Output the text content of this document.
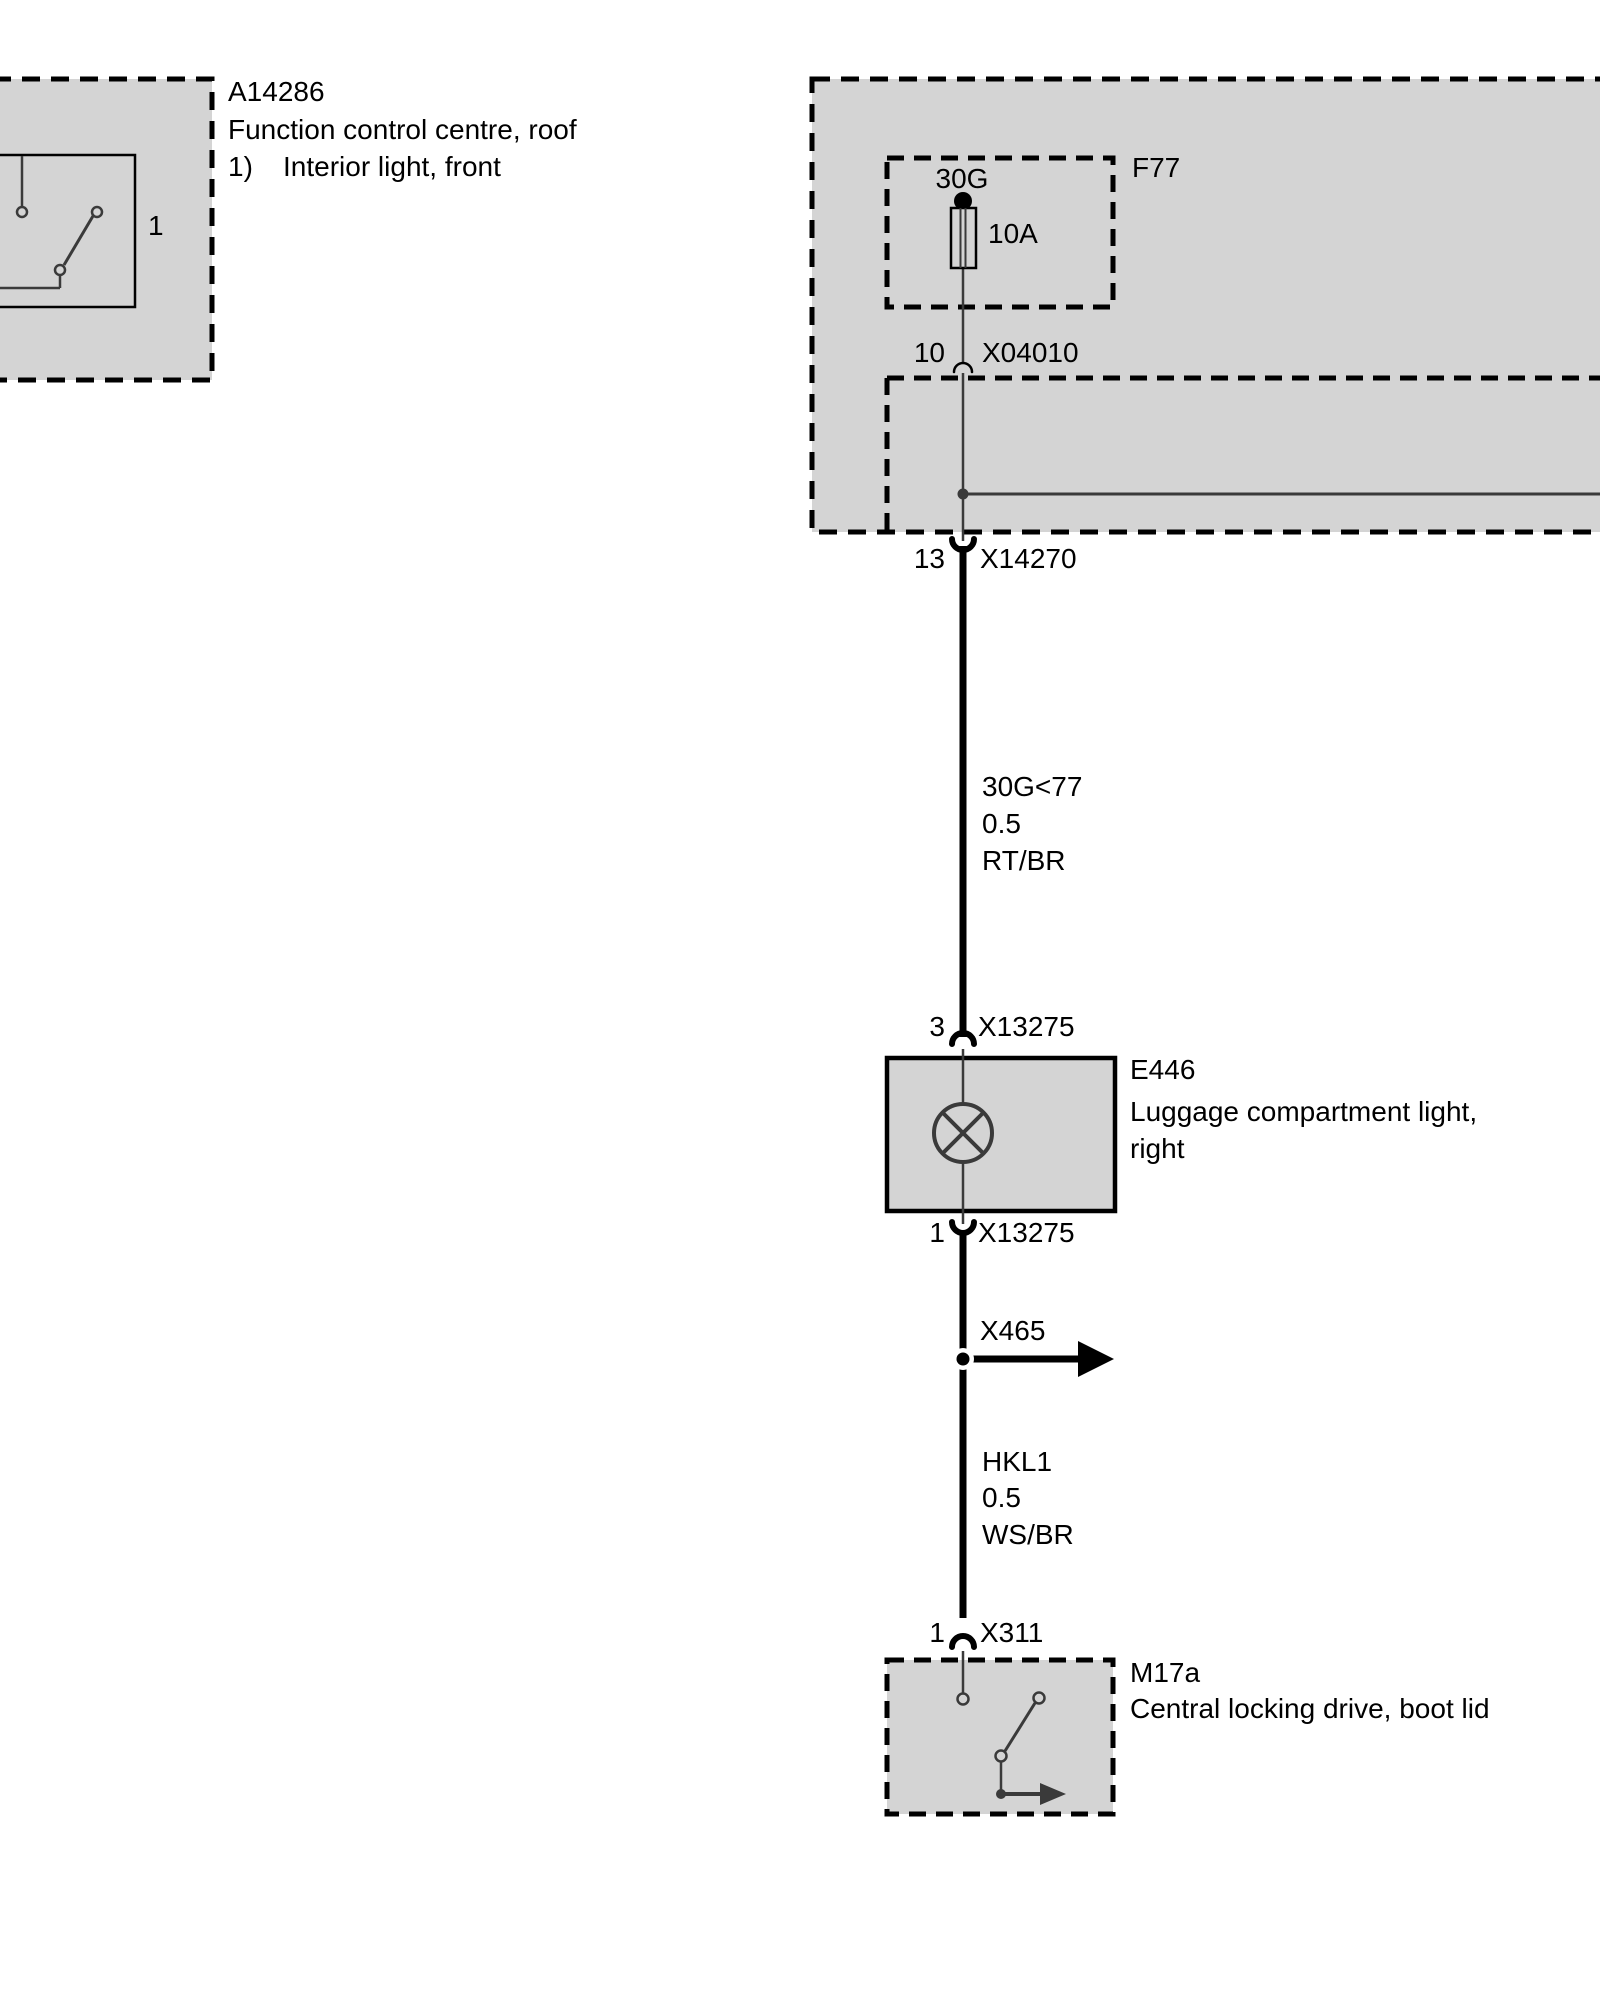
A14286
Function control centre, roof
1) Interior light, front
1
F77
30G
10A
10 X04010
13 X14270
30G<77
0.5
RT/BR
3 X13275
E446
Luggage compartment light,
right
1 X13275
X465
HKL1
0.5
WS/BR
1 X311
M17a
Central locking drive, boot lid
